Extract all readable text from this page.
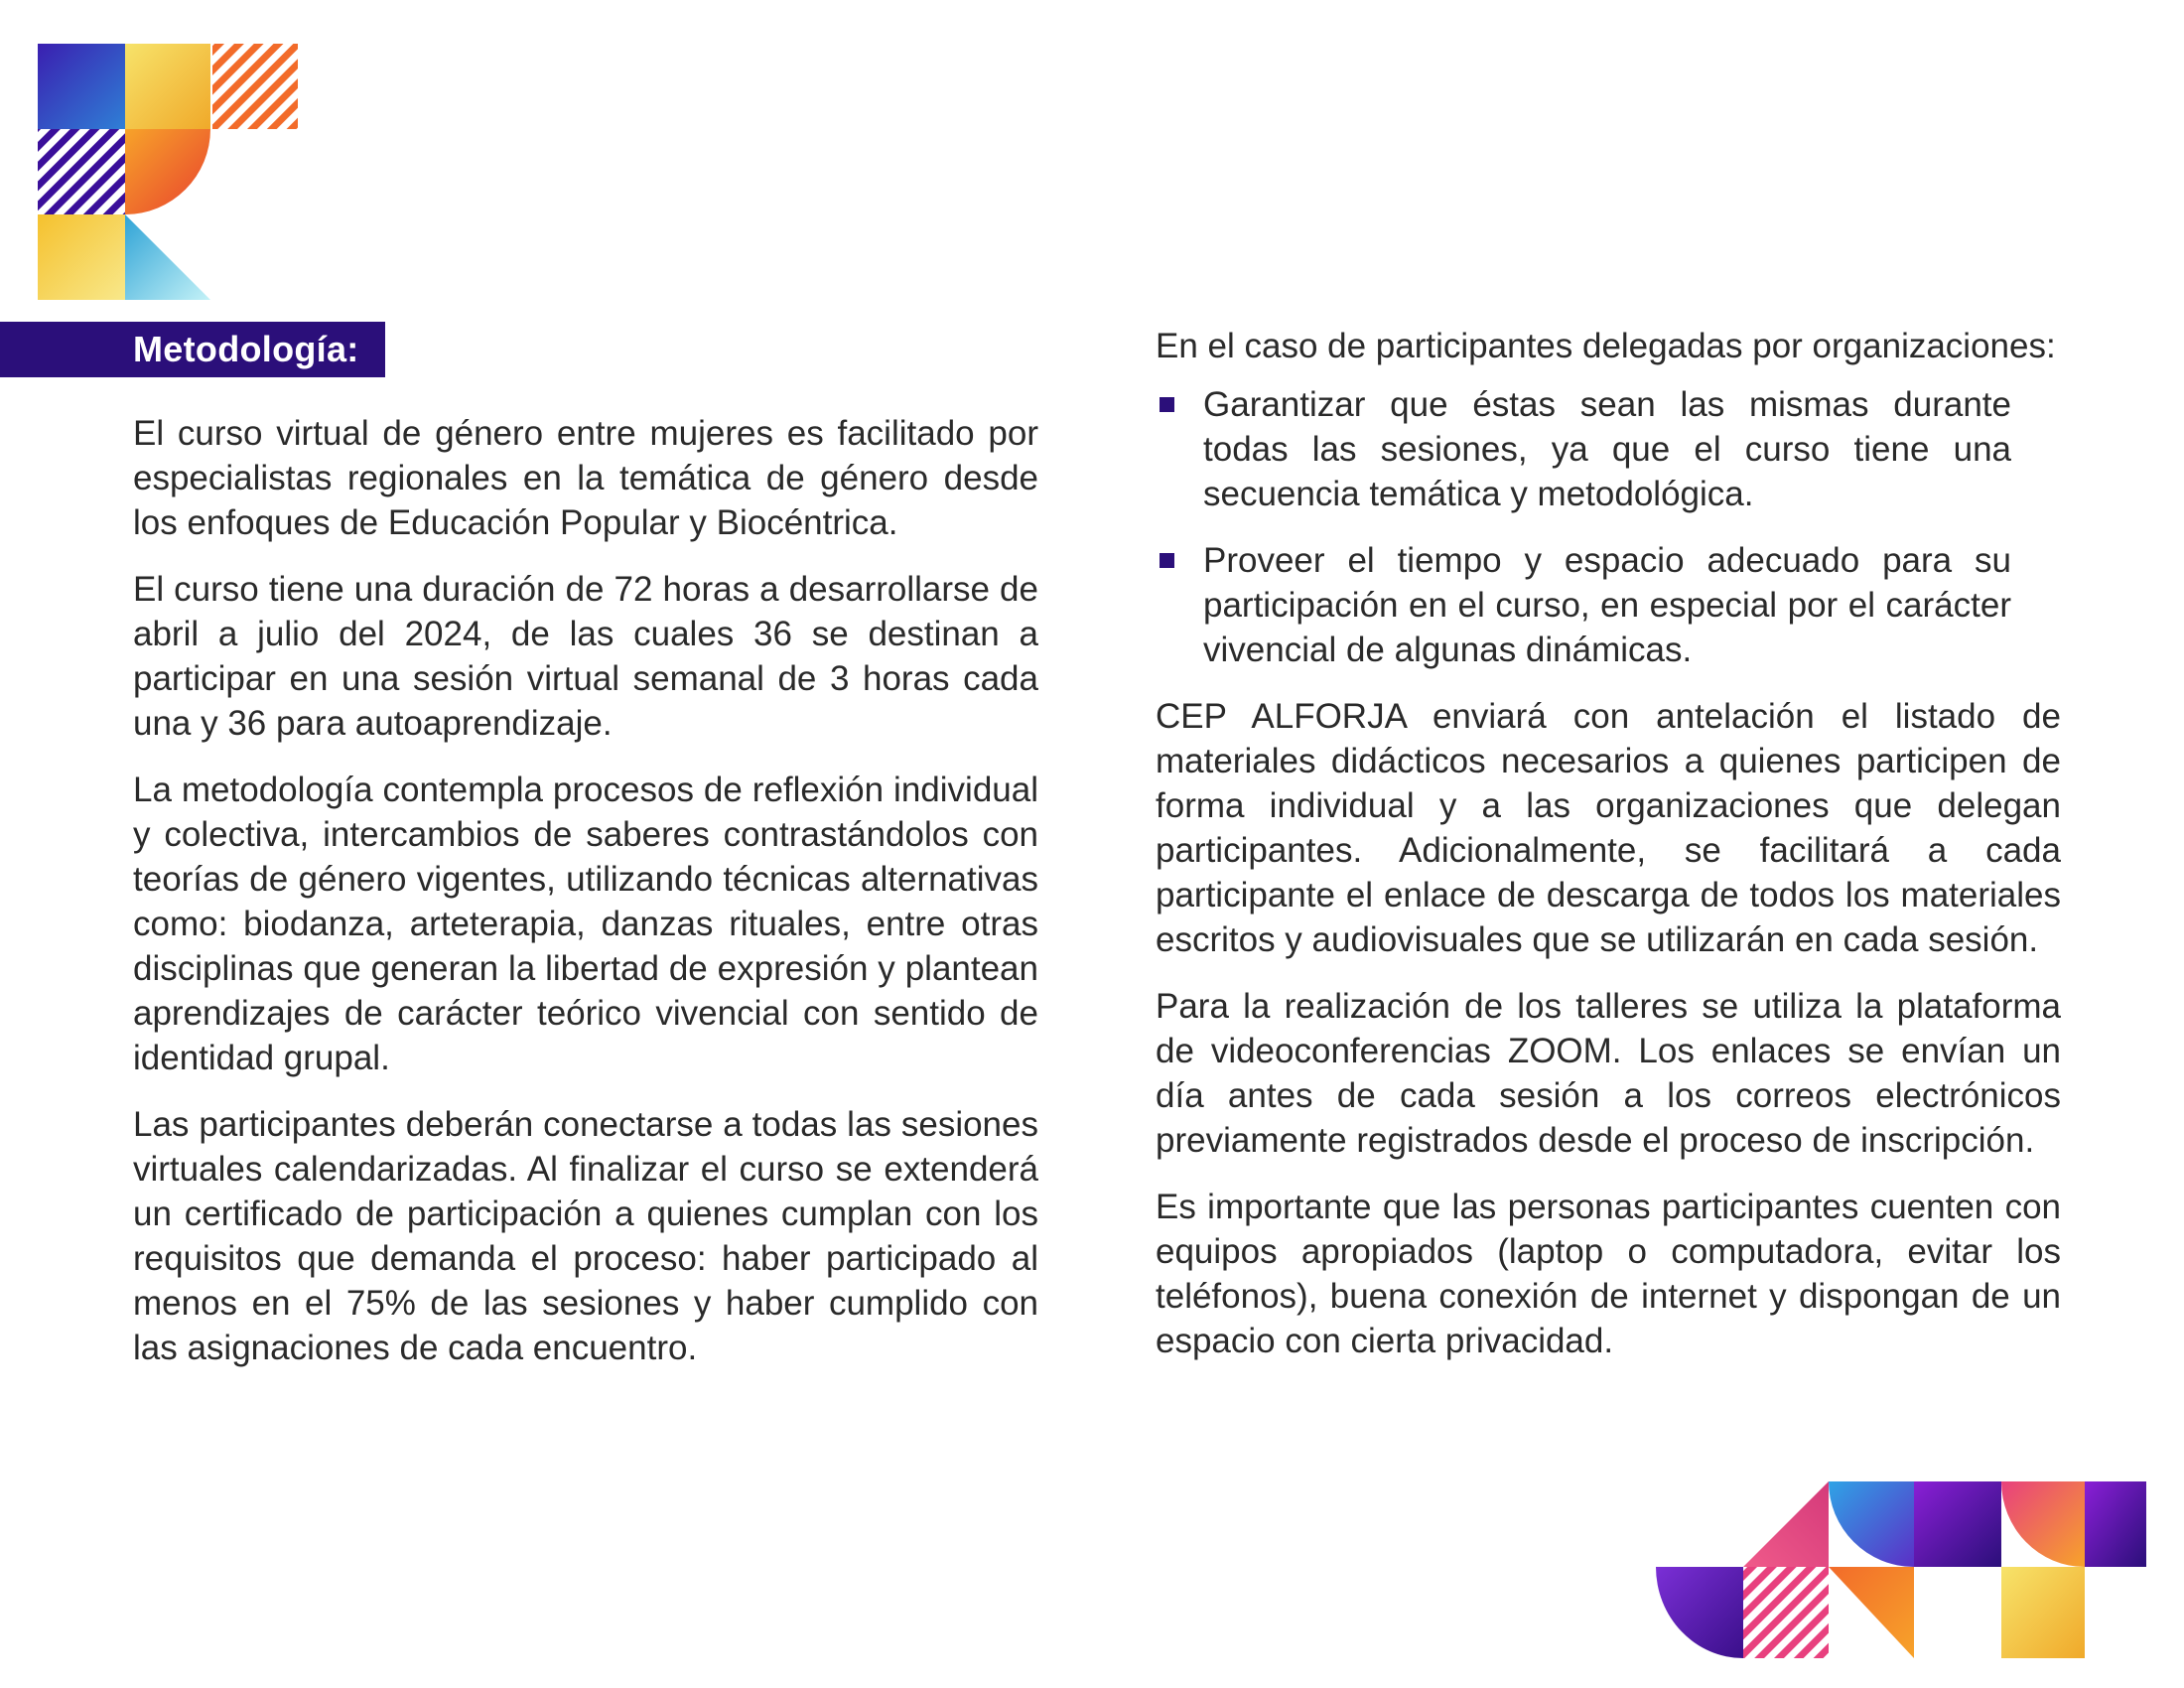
Metodología:

El curso virtual de género entre mujeres es facilitado por especialistas regionales en la temática de género desde los enfoques de Educación Popular y Biocéntrica.

El curso tiene una duración de 72 horas a desarrollarse de abril a julio del 2024, de las cuales 36 se destinan a participar en una sesión virtual semanal de 3 horas cada una y 36 para autoaprendizaje.

La metodología contempla procesos de reflexión individual y colectiva, intercambios de saberes contrastándolos con teorías de género vigentes, utilizando técnicas alternativas como: biodanza, arteterapia, danzas rituales, entre otras disciplinas que generan la libertad de expresión y plantean aprendizajes de carácter teórico vivencial con sentido de identidad grupal.

Las participantes deberán conectarse a todas las sesiones virtuales calendarizadas. Al finalizar el curso se extenderá un certificado de participación a quienes cumplan con los requisitos que demanda el proceso: haber participado al menos en el 75% de las sesiones y haber cumplido con las asignaciones de cada encuentro.

En el caso de participantes delegadas por organizaciones:

Garantizar que éstas sean las mismas durante todas las sesiones, ya que el curso tiene una secuencia temática y metodológica.
Proveer el tiempo y espacio adecuado para su participación en el curso, en especial por el carácter vivencial de algunas dinámicas.

CEP ALFORJA enviará con antelación el listado de materiales didácticos necesarios a quienes participen de forma individual y a las organizaciones que delegan participantes. Adicionalmente, se facilitará a cada participante el enlace de descarga de todos los materiales escritos y audiovisuales que se utilizarán en cada sesión.

Para la realización de los talleres se utiliza la plataforma de videoconferencias ZOOM. Los enlaces se envían un día antes de cada sesión a los correos electrónicos previamente registrados desde el proceso de inscripción.

Es importante que las personas participantes cuenten con equipos apropiados (laptop o computadora, evitar los teléfonos), buena conexión de internet y dispongan de un espacio con cierta privacidad.
